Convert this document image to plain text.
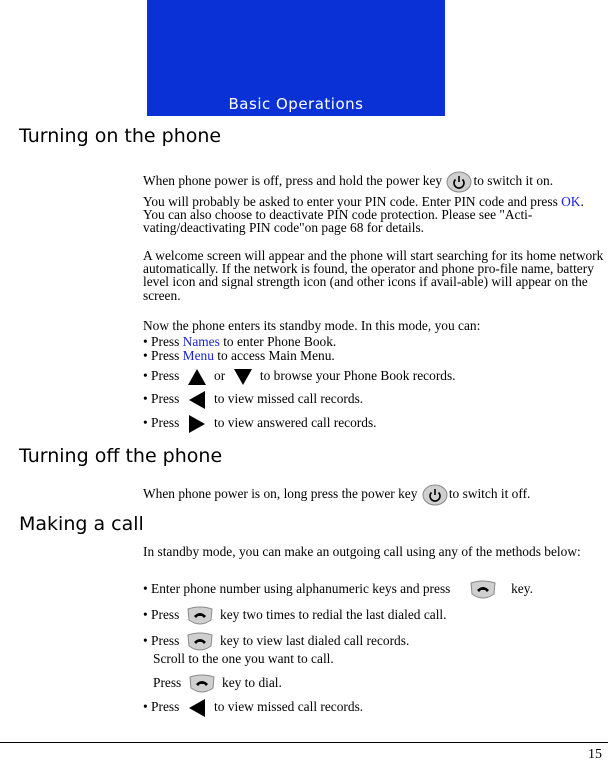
Basic Operations
Turning on the phone
When phone power is off, press and hold the power key to switch it on.
You will probably be asked to enter your PIN code. Enter PIN code and press OK. You can also choose to deactivate PIN code protection. Please see "Acti-vating/deactivating PIN code"on page 68 for details.
A welcome screen will appear and the phone will start searching for its home network automatically. If the network is found, the operator and phone pro-file name, battery level icon and signal strength icon (and other icons if avail-able) will appear on the screen.
Now the phone enters its standby mode. In this mode, you can:
• Press Names to enter Phone Book.
• Press Menu to access Main Menu.
• Press	or	to browse your Phone Book records.
• Press	to view missed call records.
• Press	to view answered call records.
Turning off the phone
When phone power is on, long press the power key to switch it off.
Making a call
In standby mode, you can make an outgoing call using any of the methods below:
• Enter phone number using alphanumeric keys and press	key.
• Press	key two times to redial the last dialed call.
• Press	key to view last dialed call records.
Scroll to the one you want to call.
Press	key to dial.
• Press	to view missed call records.
15
